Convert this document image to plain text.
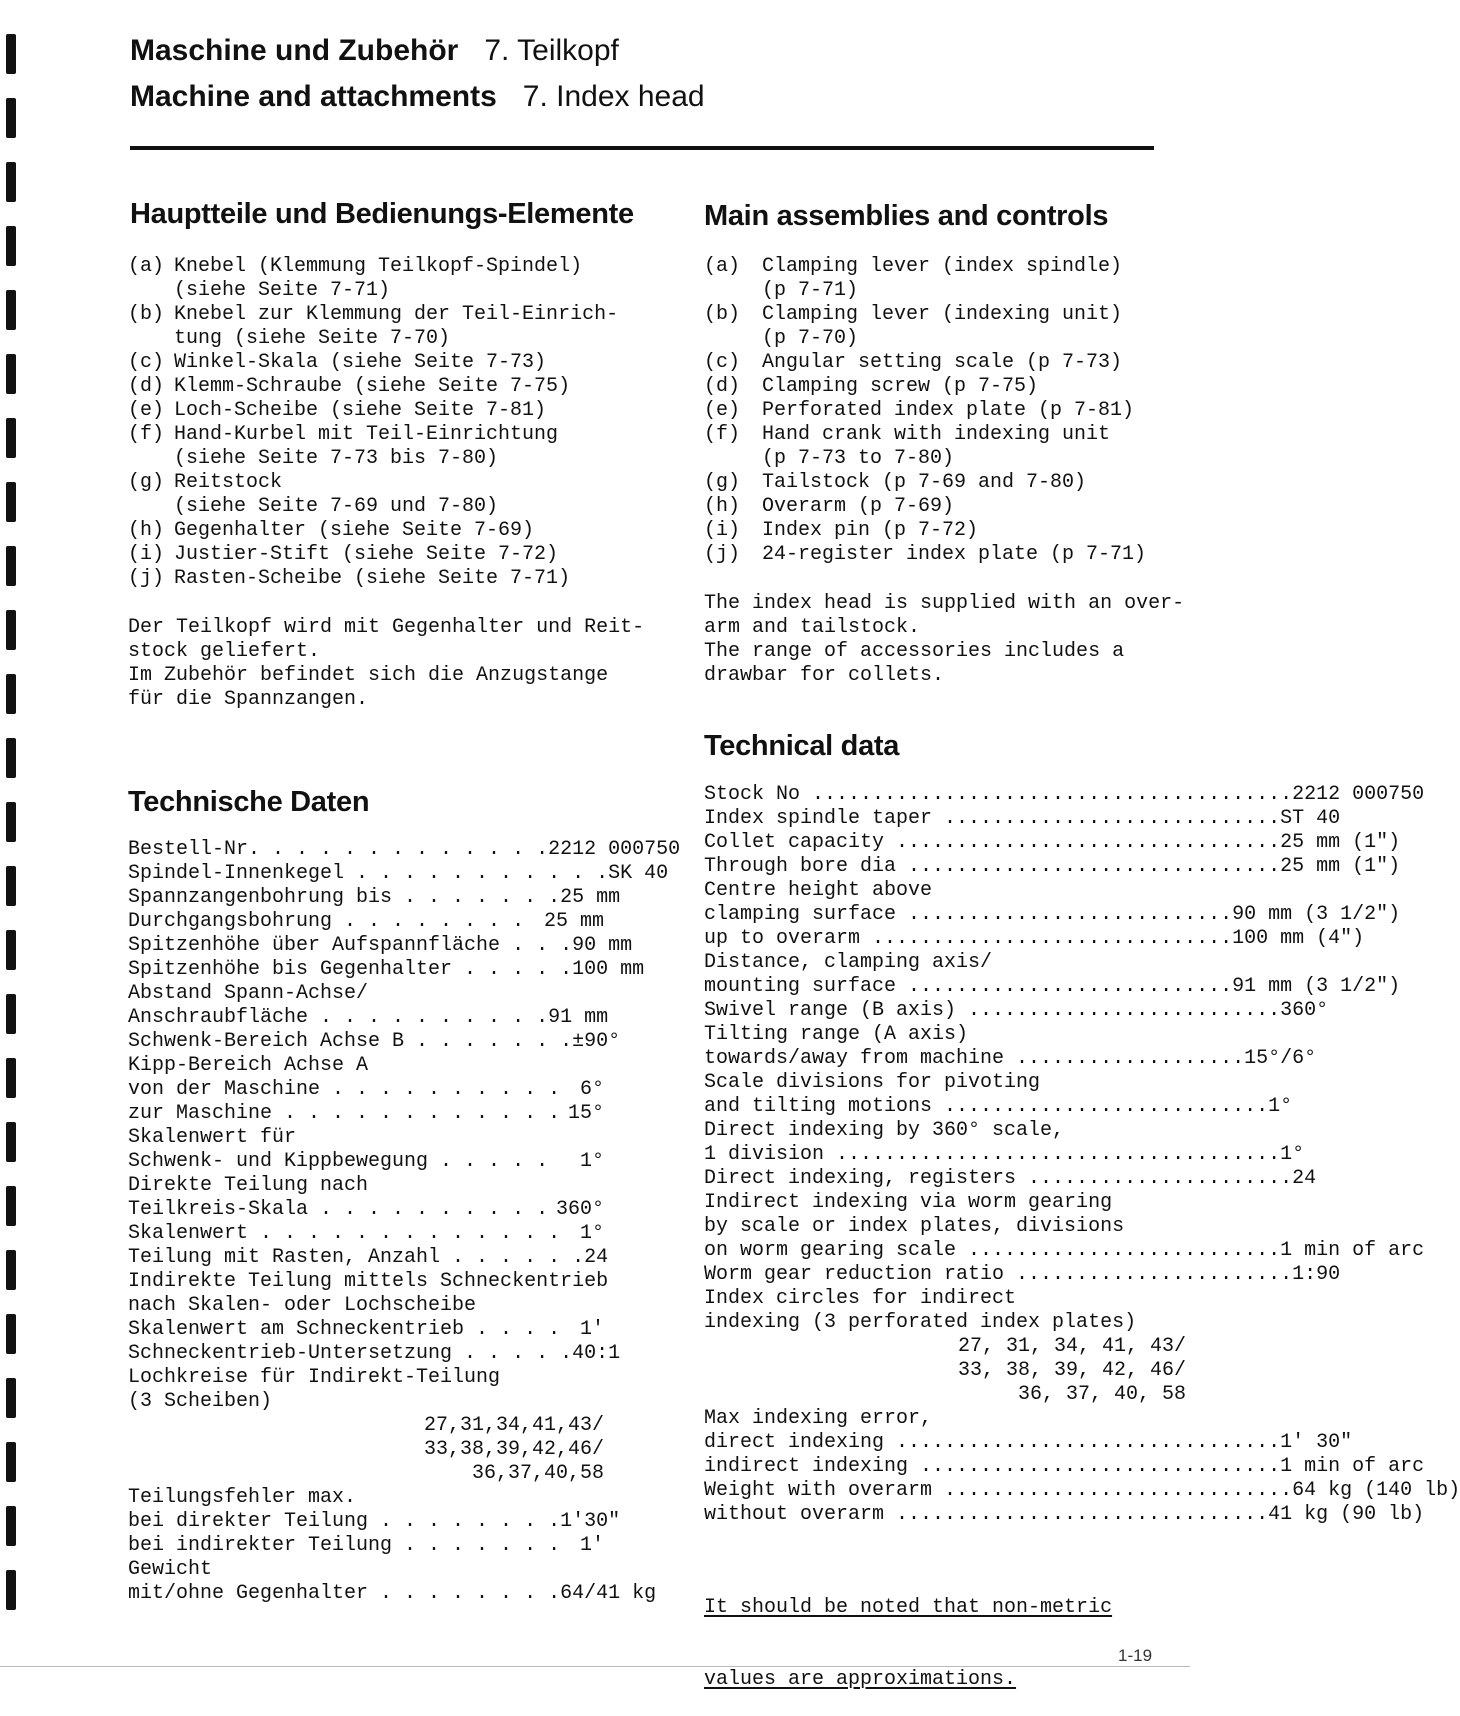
Maschine und Zubehör 7. Teilkopf
Machine and attachments 7. Index head
Hauptteile und Bedienungs-Elemente Main assemblies and controls
(a) Knebel (Klemmung Teilkopf-Spindel)
(siehe Seite 7-71)
(b) Knebel zur Klemmung der Teil-Einrich-
tung (siehe Seite 7-70)
(c) Winkel-Skala (siehe Seite 7-73)
(d) Klemm-Schraube (siehe Seite 7-75)
(e) Loch-Scheibe (siehe Seite 7-81)
(f) Hand-Kurbel mit Teil-Einrichtung
(siehe Seite 7-73 bis 7-80)
(g) Reitstock
(siehe Seite 7-69 und 7-80)
(h) Gegenhalter (siehe Seite 7-69)
(i) Justier-Stift (siehe Seite 7-72)
(j) Rasten-Scheibe (siehe Seite 7-71)
(a)	Clamping lever (index spindle)
(p 7-71)
(b)	Clamping lever (indexing unit)
(p 7-70)
(c)	Angular setting scale (p 7-73)
(d)	Clamping screw (p 7-75)
(e)	Perforated index plate (p 7-81)
(f)	Hand crank with indexing unit
(p 7-73 to 7-80)
(g)	Tailstock (p 7-69 and 7-80)
(h)	Overarm (p 7-69)
(i)	Index pin (p 7-72)
(j)	24-register index plate (p 7-71)
Der Teilkopf wird mit Gegenhalter und Reit-
stock geliefert.
Im Zubehör befindet sich die Anzugstange
für die Spannzangen.
The index head is supplied with an over-
arm and tailstock.
The range of accessories includes a
drawbar for collets.
Technical data
Technische Daten
Bestell-Nr. . . . . . . . . . . . . 2212 000750
Spindel-Innenkegel . . . . . . . . . . . SK 40
Spannzangenbohrung bis . . . . . . . 25 mm
Durchgangsbohrung . . . . . . . . 25 mm
Spitzenhöhe über Aufspannfläche . . . 90 mm
Spitzenhöhe bis Gegenhalter . . . . . 100 mm
Abstand Spann-Achse/
Anschraubfläche . . . . . . . . . . 91 mm
Schwenk-Bereich Achse B . . . . . . . ±90°
Kipp-Bereich Achse A
von der Maschine . . . . . . . . . . 6°
zur Maschine . . . . . . . . . . . . 15°
Skalenwert für
Schwenk- und Kippbewegung . . . . .	1°
Direkte Teilung nach
Teilkreis-Skala . . . . . . . . . . 360°
Skalenwert . . . . . . . . . . . . . 1°
Teilung mit Rasten, Anzahl . . . . . . 24
Indirekte Teilung mittels Schneckentrieb
nach Skalen- oder Lochscheibe
Skalenwert am Schneckentrieb . . . . 1'
Schneckentrieb-Untersetzung . . . . . 40:1
Lochkreise für Indirekt-Teilung
(3 Scheiben)
27,31,34,41,43/
33,38,39,42,46/
36,37,40,58
Teilungsfehler max.
bei direkter Teilung . . . . . . . . 1'30"
bei indirekter Teilung . . . . . . . 1'
Gewicht
mit/ohne Gegenhalter . . . . . . . . 64/41 kg
Stock No ........................................ 2212 000750
Index spindle taper ............................ ST 40
Collet capacity ................................ 25 mm (1")
Through bore dia ............................... 25 mm (1")
Centre height above
clamping surface ........................... 90 mm (3 1/2")
up to overarm .............................. 100 mm (4")
Distance, clamping axis/
mounting surface ........................... 91 mm (3 1/2")
Swivel range (B axis) .......................... 360°
Tilting range (A axis)
towards/away from machine ................... 15°/6°
Scale divisions for pivoting
and tilting motions ........................... 1°
Direct indexing by 360° scale,
1 division ..................................... 1°
Direct indexing, registers ...................... 24
Indirect indexing via worm gearing
by scale or index plates, divisions
on worm gearing scale .......................... 1 min of arc
Worm gear reduction ratio ....................... 1:90
Index circles for indirect
indexing (3 perforated index plates)
27, 31, 34, 41, 43/
33, 38, 39, 42, 46/
36, 37, 40, 58
Max indexing error,
direct indexing ................................ 1' 30"
indirect indexing .............................. 1 min of arc
Weight with overarm ............................. 64 kg (140 lb)
without overarm ............................... 41 kg (90 lb)

It should be noted that non-metric

values are approximations.

1-19
